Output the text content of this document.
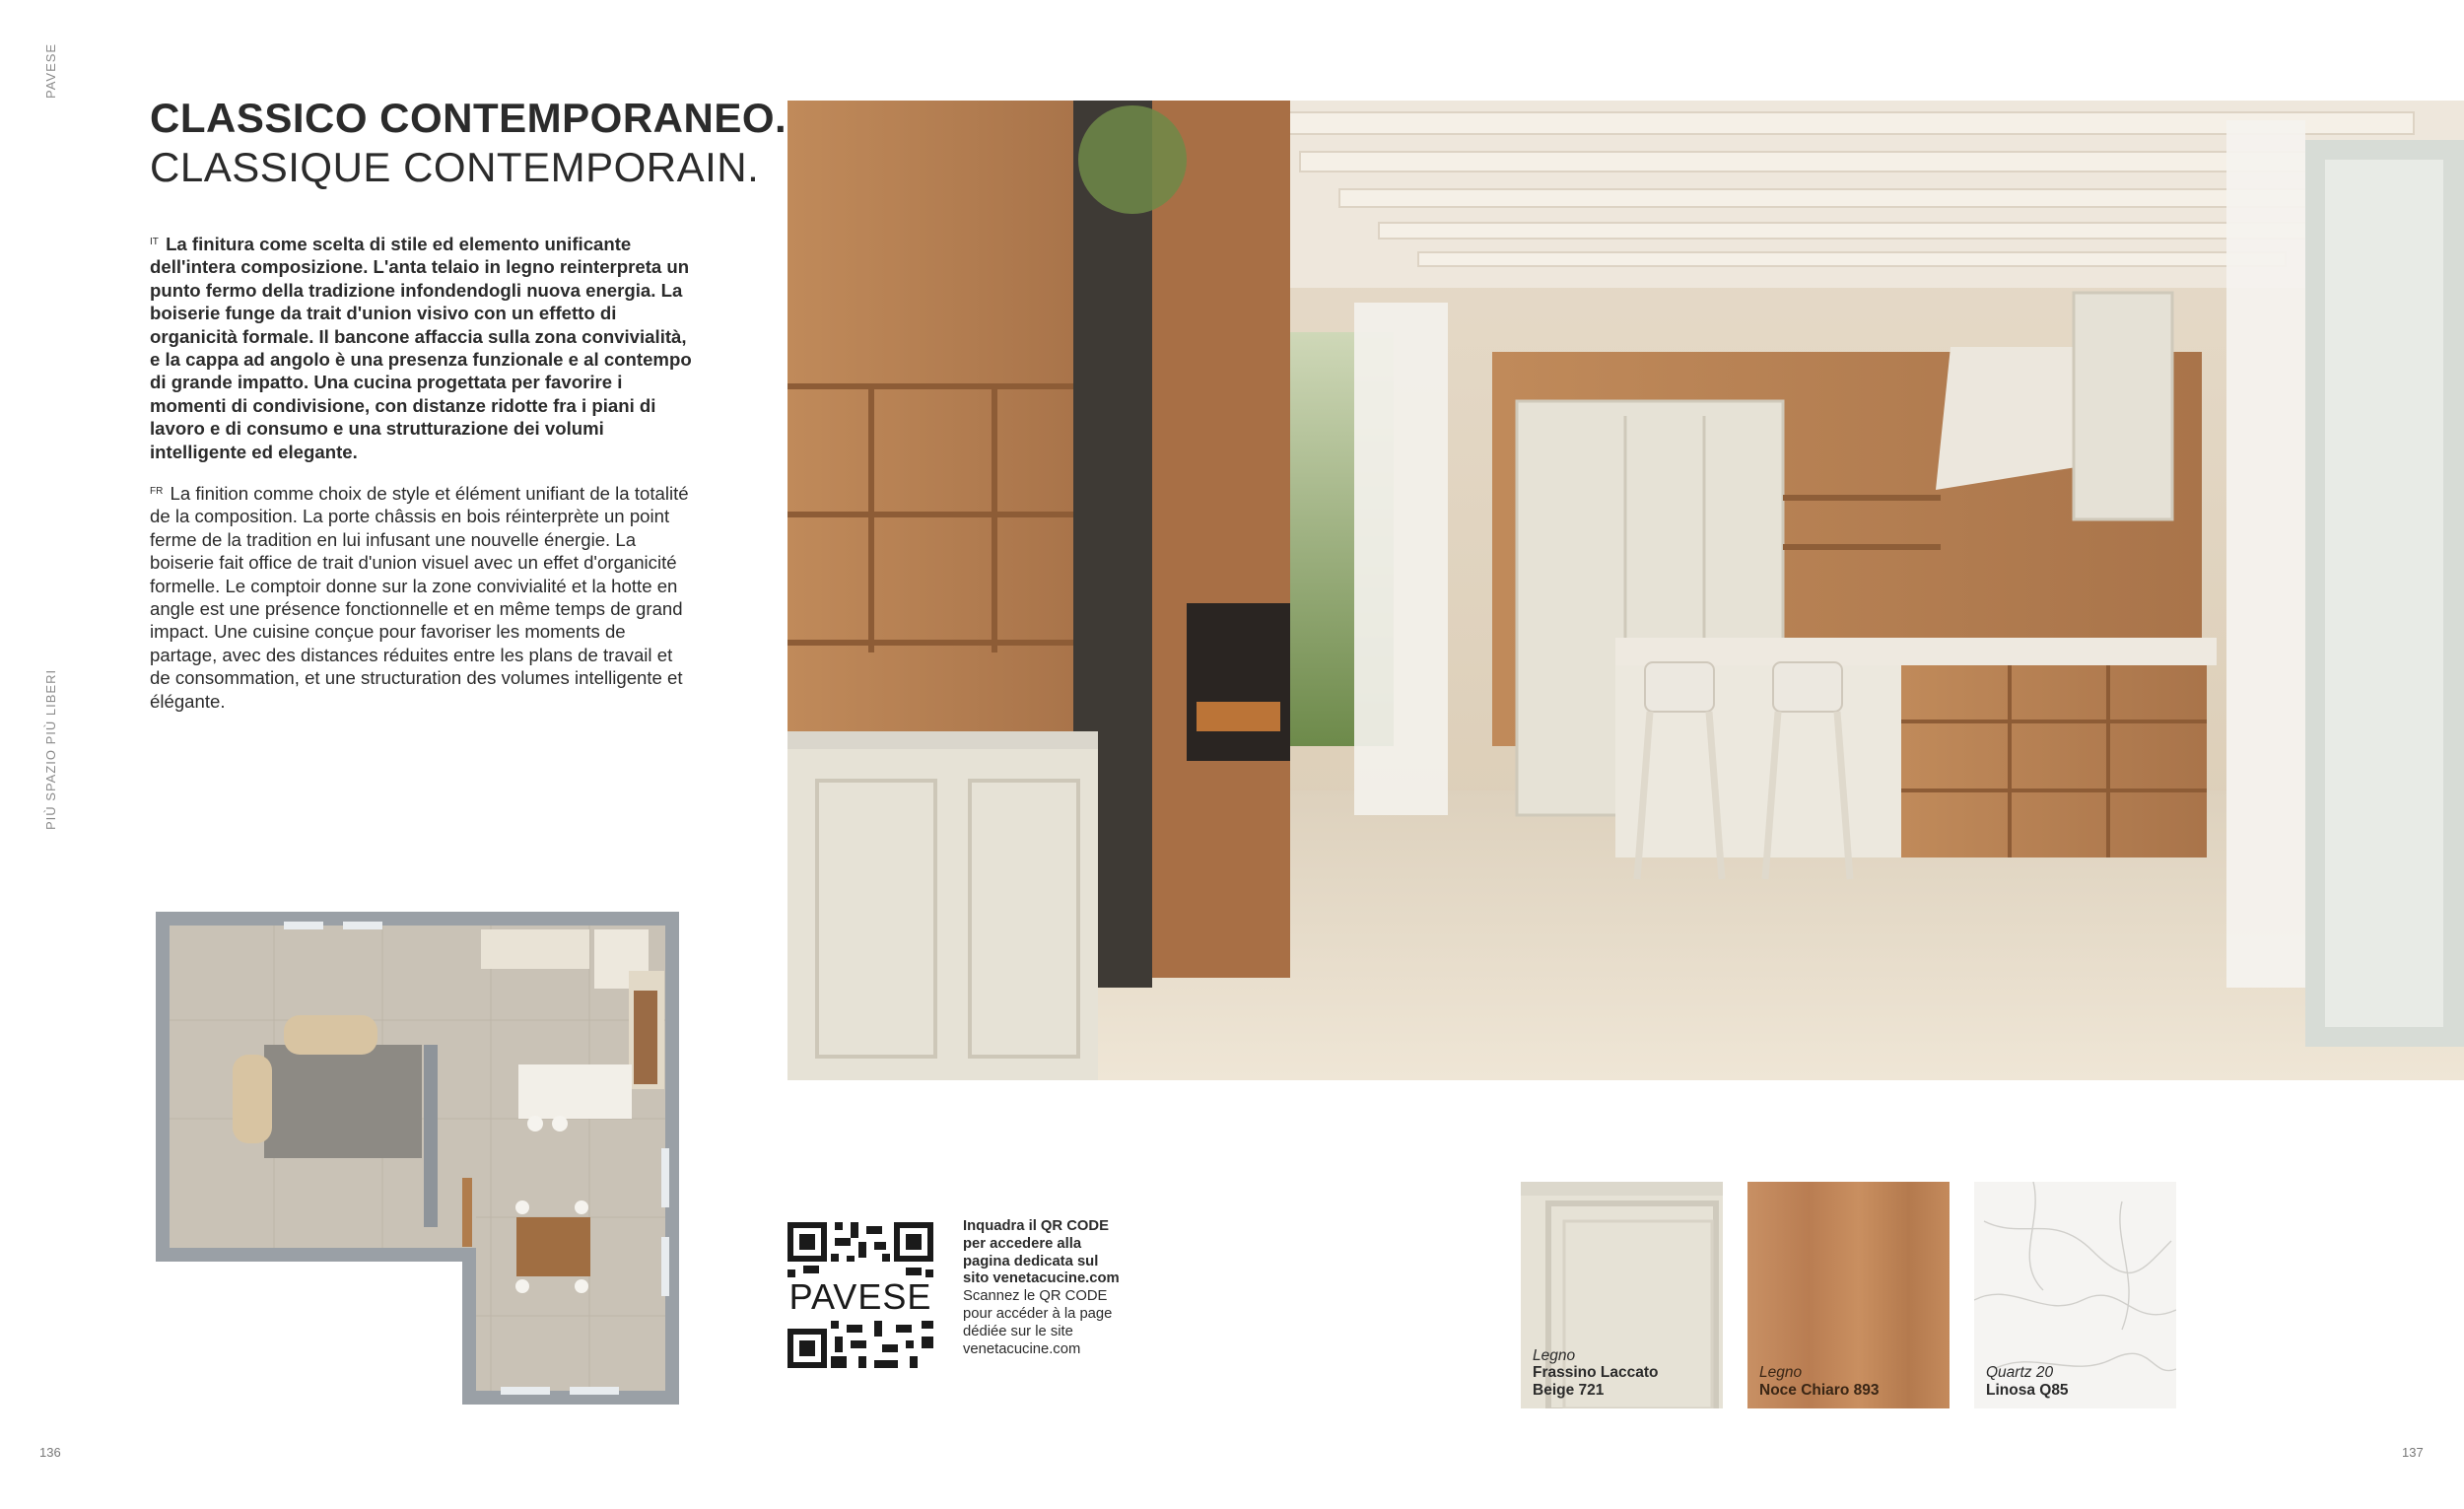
PAVESE
PIÙ SPAZIO PIÙ LIBERI
CLASSICO CONTEMPORANEO.
CLASSIQUE CONTEMPORAIN.
$^{IT}$ La finitura come scelta di stile ed elemento unificante dell'intera composizione. L'anta telaio in legno reinterpreta un punto fermo della tradizione infondendogli nuova energia. La boiserie funge da trait d'union visivo con un effetto di organicità formale. Il bancone affaccia sulla zona convivialità, e la cappa ad angolo è una presenza funzionale e al contempo di grande impatto. Una cucina progettata per favorire i momenti di condivisione, con distanze ridotte fra i piani di lavoro e di consumo e una strutturazione dei volumi intelligente ed elegante.
$^{FR}$ La finition comme choix de style et élément unifiant de la totalité de la composition. La porte châssis en bois réinterprète un point ferme de la tradition en lui infusant une nouvelle énergie. La boiserie fait office de trait d'union visuel avec un effet d'organicité formelle. Le comptoir donne sur la zone convivialité et la hotte en angle est une présence fonctionnelle et en même temps de grand impact. Une cuisine conçue pour favoriser les moments de partage, avec des distances réduites entre les plans de travail et de consommation, et une structuration des volumes intelligente et élégante.
PAVESE
Inquadra il QR CODE
per accedere alla
pagina dedicata sul
sito venetacucine.com
Scannez le QR CODE
pour accéder à la page
dédiée sur le site
venetacucine.com	Legno
Frassino Laccato
Beige 721
Legno
Noce Chiaro 893
Quartz 20
Linosa Q85
136	137
